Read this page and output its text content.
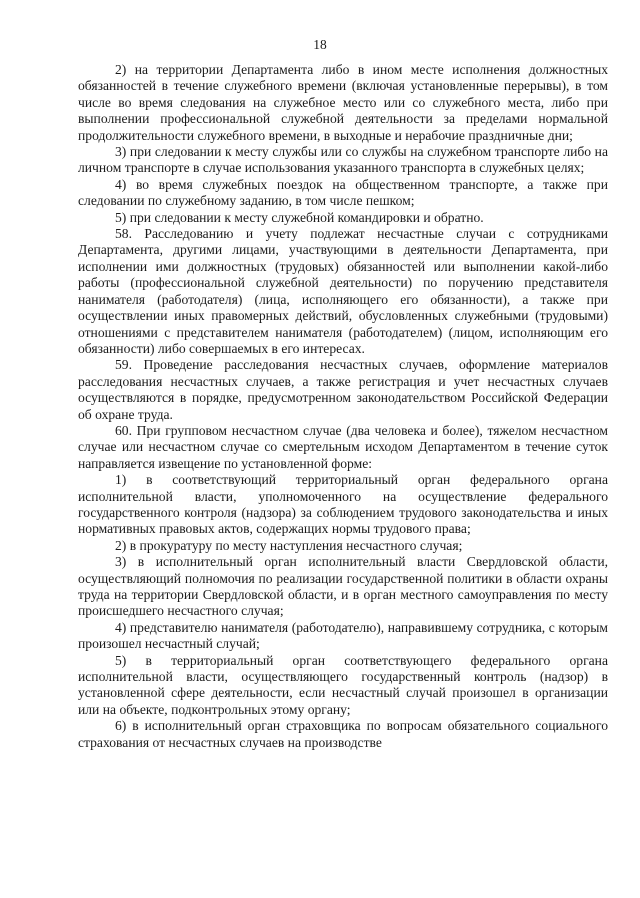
18

2) на территории Департамента либо в ином месте исполнения должностных обязанностей в течение служебного времени (включая установленные перерывы), в том числе во время следования на служебное место или со служебного места, либо при выполнении профессиональной служебной деятельности за пределами нормальной продолжительности служебного времени, в выходные и нерабочие праздничные дни;

3) при следовании к месту службы или со службы на служебном транспорте либо на личном транспорте в случае использования указанного транспорта в служебных целях;

4) во время служебных поездок на общественном транспорте, а также при следовании по служебному заданию, в том числе пешком;

5) при следовании к месту служебной командировки и обратно.

58. Расследованию и учету подлежат несчастные случаи с сотрудниками Департамента, другими лицами, участвующими в деятельности Департамента, при исполнении ими должностных (трудовых) обязанностей или выполнении какой-либо работы (профессиональной служебной деятельности) по поручению представителя нанимателя (работодателя) (лица, исполняющего его обязанности), а также при осуществлении иных правомерных действий, обусловленных служебными (трудовыми) отношениями с представителем нанимателя (работодателем) (лицом, исполняющим его обязанности) либо совершаемых в его интересах.

59. Проведение расследования несчастных случаев, оформление материалов расследования несчастных случаев, а также регистрация и учет несчастных случаев осуществляются в порядке, предусмотренном законодательством Российской Федерации об охране труда.

60. При групповом несчастном случае (два человека и более), тяжелом несчастном случае или несчастном случае со смертельным исходом Департаментом в течение суток направляется извещение по установленной форме:

1) в соответствующий территориальный орган федерального органа исполнительной власти, уполномоченного на осуществление федерального государственного контроля (надзора) за соблюдением трудового законодательства и иных нормативных правовых актов, содержащих нормы трудового права;

2) в прокуратуру по месту наступления несчастного случая;

3) в исполнительный орган исполнительный власти Свердловской области, осуществляющий полномочия по реализации государственной политики в области охраны труда на территории Свердловской области, и в орган местного самоуправления по месту происшедшего несчастного случая;

4) представителю нанимателя (работодателю), направившему сотрудника, с которым произошел несчастный случай;

5) в территориальный орган соответствующего федерального органа исполнительной власти, осуществляющего государственный контроль (надзор) в установленной сфере деятельности, если несчастный случай произошел в организации или на объекте, подконтрольных этому органу;

6) в исполнительный орган страховщика по вопросам обязательного социального страхования от несчастных случаев на производстве
